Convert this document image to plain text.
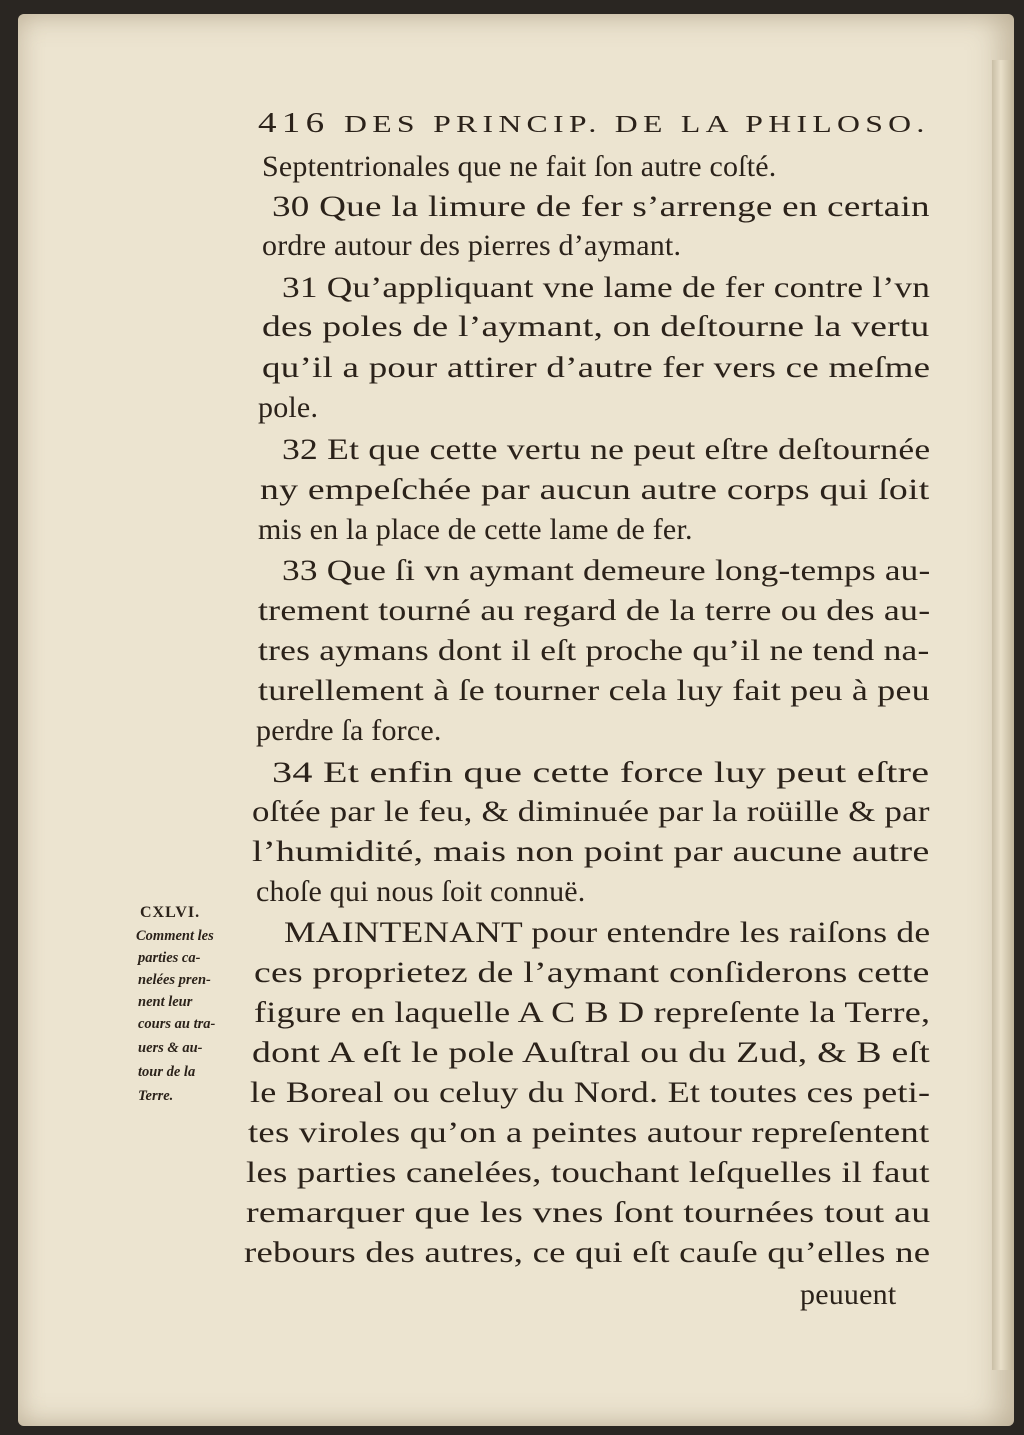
416 DES PRINCIP. DE LA PHILOSO.
Septentrionales que ne fait ſon autre coſté.
30 Que la limure de fer s’arrenge en certain
ordre autour des pierres d’aymant.
31 Qu’appliquant vne lame de fer contre l’vn
des poles de l’aymant, on deſtourne la vertu
qu’il a pour attirer d’autre fer vers ce meſme
pole.
32 Et que cette vertu ne peut eſtre deſtournée
ny empeſchée par aucun autre corps qui ſoit
mis en la place de cette lame de fer.
33 Que ſi vn aymant demeure long-temps au-
trement tourné au regard de la terre ou des au-
tres aymans dont il eſt proche qu’il ne tend na-
turellement à ſe tourner cela luy fait peu à peu
perdre ſa force.
34 Et enfin que cette force luy peut eſtre
oſtée par le feu, & diminuée par la roüille & par
l’humidité, mais non point par aucune autre
choſe qui nous ſoit connuë.
MAINTENANT pour entendre les raiſons de
ces proprietez de l’aymant conſiderons cette
figure en laquelle A C B D repreſente la Terre,
dont A eſt le pole Auſtral ou du Zud, & B eſt
le Boreal ou celuy du Nord. Et toutes ces peti-
tes viroles qu’on a peintes autour repreſentent
les parties canelées, touchant leſquelles il faut
remarquer que les vnes ſont tournées tout au
rebours des autres, ce qui eſt cauſe qu’elles ne
peuuent
CXLVI.
Comment les
parties ca-
nelées pren-
nent leur
cours au tra-
uers & au-
tour de la
Terre.
